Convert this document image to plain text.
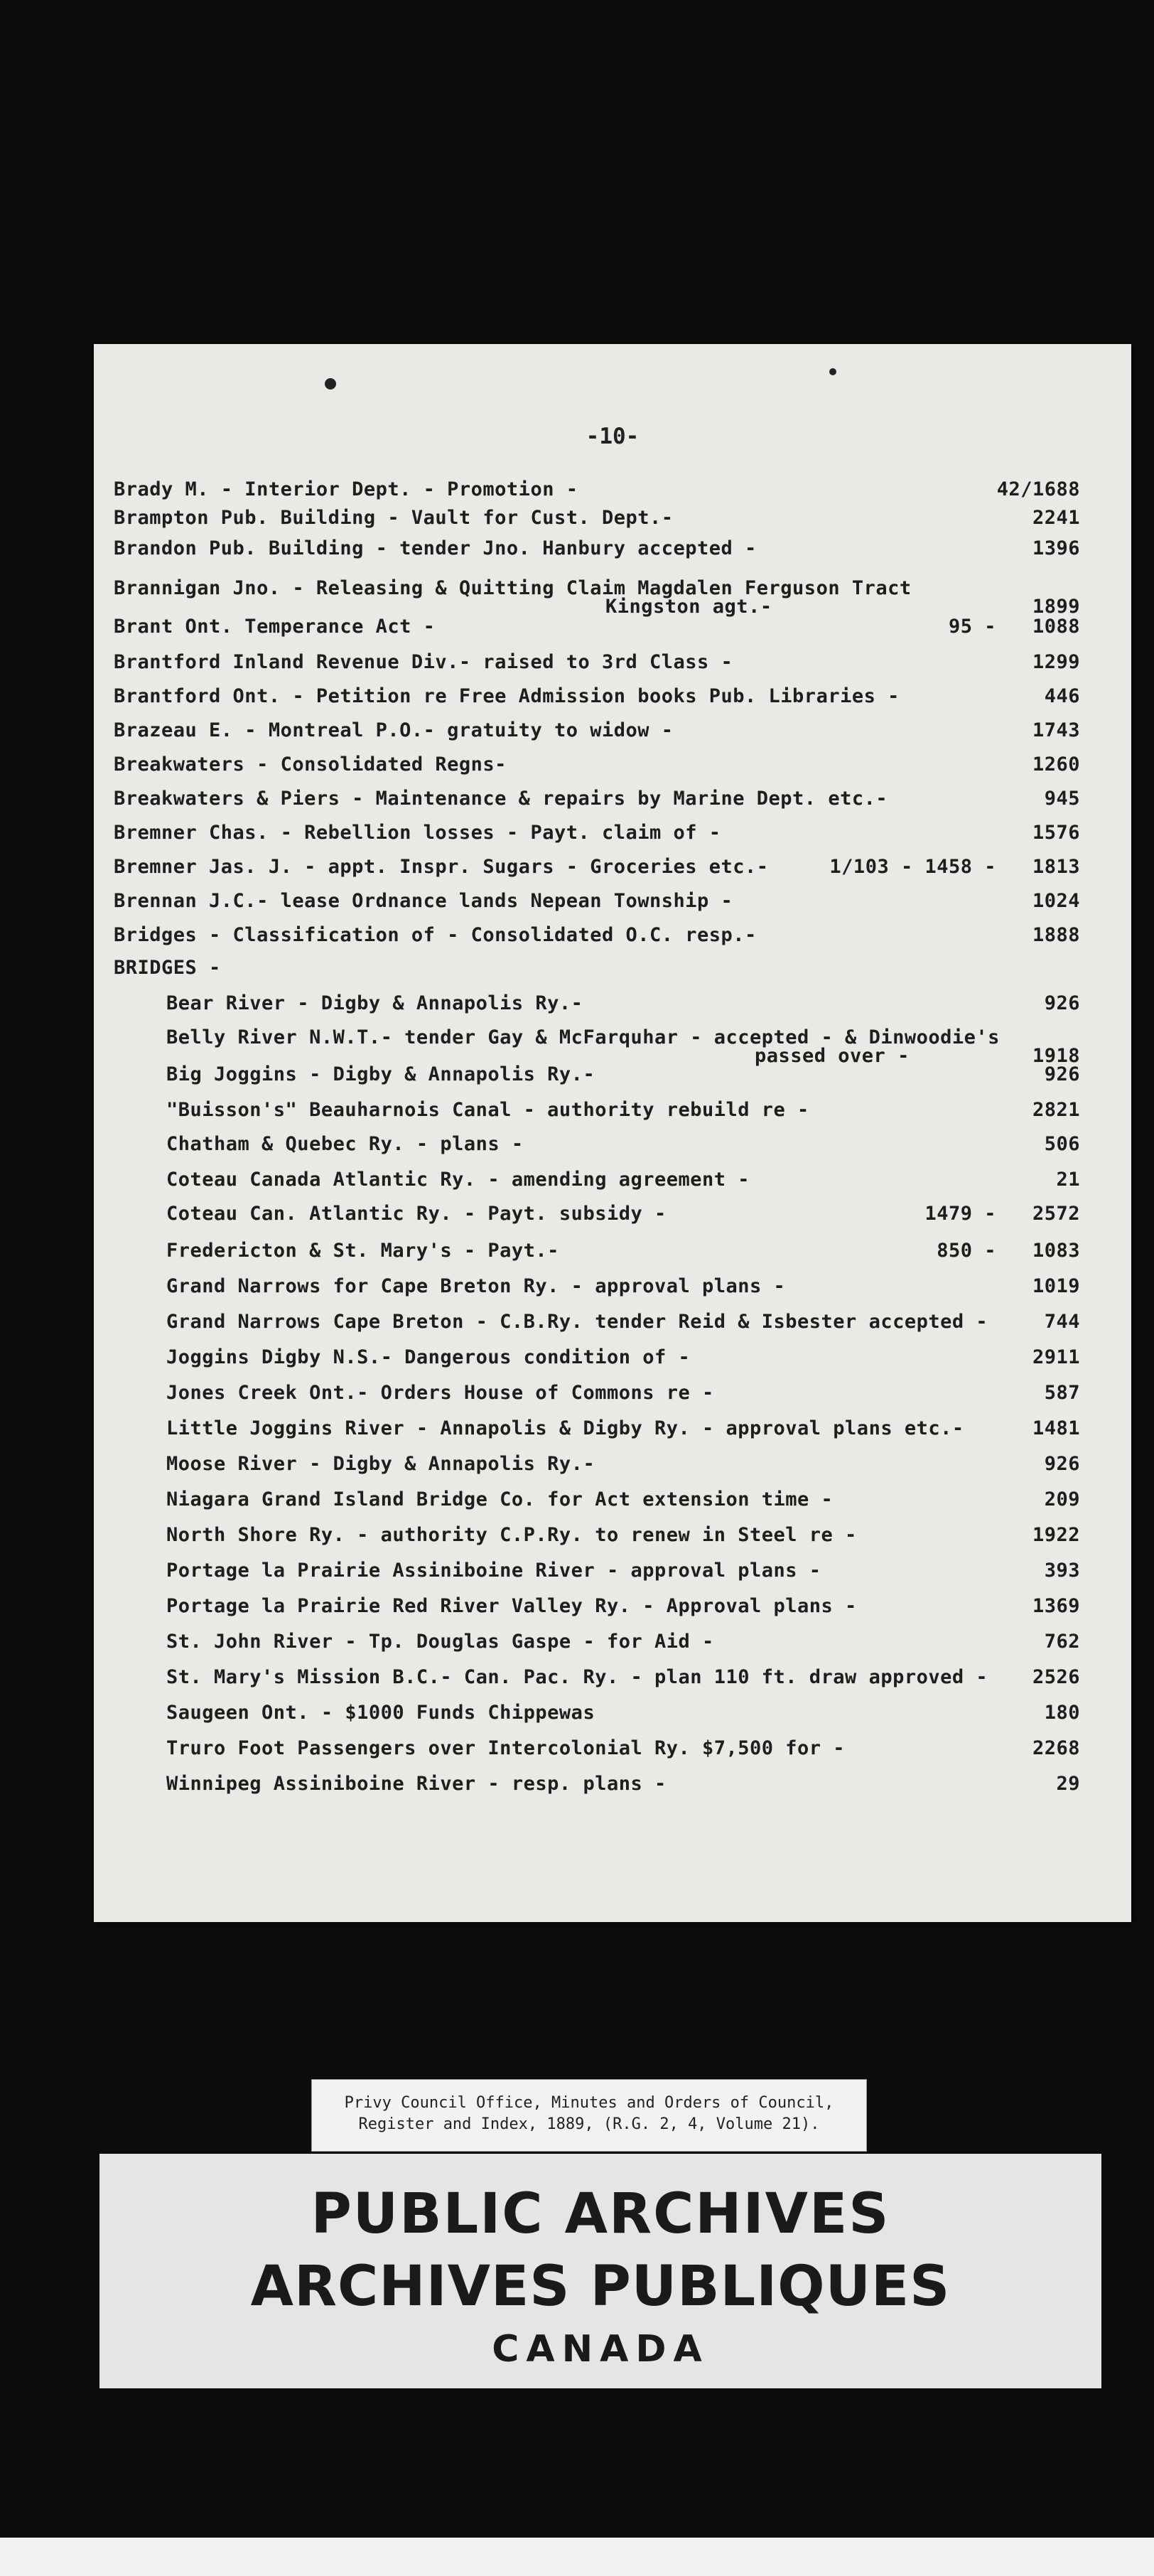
-10-
Brady M. - Interior Dept. - Promotion -	42/1688
Brampton Pub. Building - Vault for Cust. Dept.-	2241
Brandon Pub. Building - tender Jno. Hanbury accepted -	1396
Brannigan Jno. - Releasing & Quitting Claim Magdalen Ferguson Tract
Kingston agt.-	1899
Brant Ont. Temperance Act -	95 - 1088
Brantford Inland Revenue Div.- raised to 3rd Class -	1299
Brantford Ont. - Petition re Free Admission books Pub. Libraries -	446
Brazeau E. - Montreal P.O.- gratuity to widow -	1743
Breakwaters - Consolidated Regns-	1260
Breakwaters & Piers - Maintenance & repairs by Marine Dept. etc.-	945
Bremner Chas. - Rebellion losses - Payt. claim of -	1576
Bremner Jas. J. - appt. Inspr. Sugars - Groceries etc.-	1/103 - 1458 - 1813
Brennan J.C.- lease Ordnance lands Nepean Township -	1024
Bridges - Classification of - Consolidated O.C. resp.-	1888
BRIDGES -
Bear River - Digby & Annapolis Ry.-	926
Belly River N.W.T.- tender Gay & McFarquhar - accepted - & Dinwoodie's
passed over -	1918
Big Joggins - Digby & Annapolis Ry.-	926
"Buisson's" Beauharnois Canal - authority rebuild re -	2821
Chatham & Quebec Ry. - plans -	506
Coteau Canada Atlantic Ry. - amending agreement -	21
Coteau Can. Atlantic Ry. - Payt. subsidy -	1479 - 2572
Fredericton & St. Mary's - Payt.-	850 - 1083
Grand Narrows for Cape Breton Ry. - approval plans -	1019
Grand Narrows Cape Breton - C.B.Ry. tender Reid & Isbester accepted -	744
Joggins Digby N.S.- Dangerous condition of -	2911
Jones Creek Ont.- Orders House of Commons re -	587
Little Joggins River - Annapolis & Digby Ry. - approval plans etc.-	1481
Moose River - Digby & Annapolis Ry.-	926
Niagara Grand Island Bridge Co. for Act extension time -	209
North Shore Ry. - authority C.P.Ry. to renew in Steel re -	1922
Portage la Prairie Assiniboine River - approval plans -	393
Portage la Prairie Red River Valley Ry. - Approval plans -	1369
St. John River - Tp. Douglas Gaspe - for Aid -	762
St. Mary's Mission B.C.- Can. Pac. Ry. - plan 110 ft. draw approved - 2526
Saugeen Ont. - $1000 Funds Chippewas	180
Truro Foot Passengers over Intercolonial Ry. $7,500 for -	2268
Winnipeg Assiniboine River - resp. plans -	29
Privy Council Office, Minutes and Orders of Council,
Register and Index, 1889, (R.G. 2, 4, Volume 21).
PUBLIC ARCHIVES
ARCHIVES PUBLIQUES
CANADA
